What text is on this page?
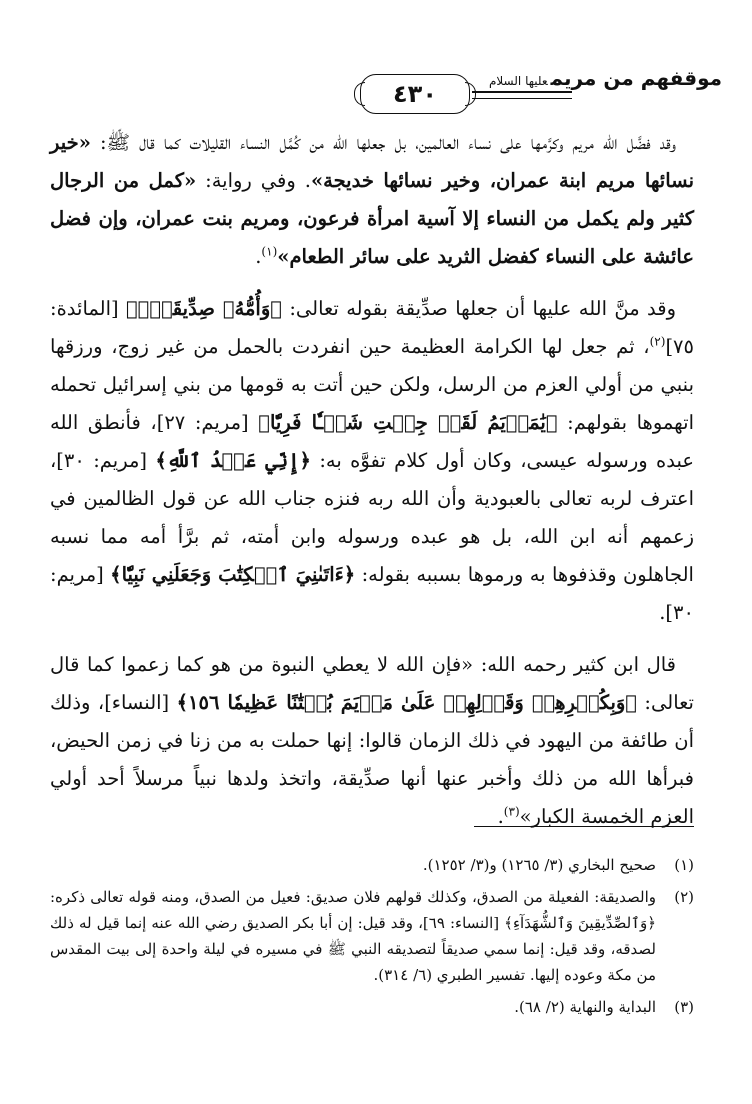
موقفهم من مريمعليها السلام
٤٣٠

وقد فضَّل الله مريم وكرَّمها على نساء العالمين، بل جعلها الله من كُمَّل النساء القليلات كما قال ﷺ: «خير نسائها مريم ابنة عمران، وخير نسائها خديجة». وفي رواية: «كمل من الرجال كثير ولم يكمل من النساء إلا آسية امرأة فرعون، ومريم بنت عمران، وإن فضل عائشة على النساء كفضل الثريد على سائر الطعام»$^{(١)}$.

وقد منَّ الله عليها أن جعلها صدِّيقة بقوله تعالى: ﴿وَأُمُّهُۥ صِدِّيقَةٌۖ﴾ [المائدة: ٧٥]$^{(٢)}$، ثم جعل لها الكرامة العظيمة حين انفردت بالحمل من غير زوج، ورزقها بنبي من أولي العزم من الرسل، ولكن حين أتت به قومها من بني إسرائيل تحمله اتهموها بقولهم: ﴿يَٰمَرۡيَمُ لَقَدۡ جِئۡتِ شَيۡـٔٗا فَرِيّٗا﴾ [مريم: ٢٧]، فأنطق الله عبده ورسوله عيسى، وكان أول كلام تفوَّه به: ﴿إِنِّي عَبۡدُ ٱللَّهِ﴾ [مريم: ٣٠]، اعترف لربه تعالى بالعبودية وأن الله ربه فنزه جناب الله عن قول الظالمين في زعمهم أنه ابن الله، بل هو عبده ورسوله وابن أمته، ثم برَّأ أمه مما نسبه الجاهلون وقذفوها به ورموها بسببه بقوله: ﴿ءَاتَىٰنِيَ ٱلۡكِتَٰبَ وَجَعَلَنِي نَبِيّٗا﴾ [مريم: ٣٠].

قال ابن كثير رحمه الله: «فإن الله لا يعطي النبوة من هو كما زعموا كما قال تعالى: ﴿وَبِكُفۡرِهِمۡ وَقَوۡلِهِمۡ عَلَىٰ مَرۡيَمَ بُهۡتَٰنًا عَظِيمٗا ١٥٦﴾ [النساء]، وذلك أن طائفة من اليهود في ذلك الزمان قالوا: إنها حملت به من زنا في زمن الحيض، فبرأها الله من ذلك وأخبر عنها أنها صدِّيقة، واتخذ ولدها نبياً مرسلاً أحد أولي العزم الخمسة الكبار»$^{(٣)}$.

(١)
صحيح البخاري (٣/ ١٢٦٥) و(٣/ ١٢٥٢).
(٢)
والصديقة: الفعيلة من الصدق، وكذلك قولهم فلان صديق: فعيل من الصدق، ومنه قوله تعالى ذكره: ﴿وَٱلصِّدِّيقِينَ وَٱلشُّهَدَآءِ﴾ [النساء: ٦٩]، وقد قيل: إن أبا بكر الصديق رضي الله عنه إنما قيل له ذلك لصدقه، وقد قيل: إنما سمي صديقاً لتصديقه النبي ﷺ في مسيره في ليلة واحدة إلى بيت المقدس من مكة وعوده إليها. تفسير الطبري (٦/ ٣١٤).
(٣)
البداية والنهاية (٢/ ٦٨).
